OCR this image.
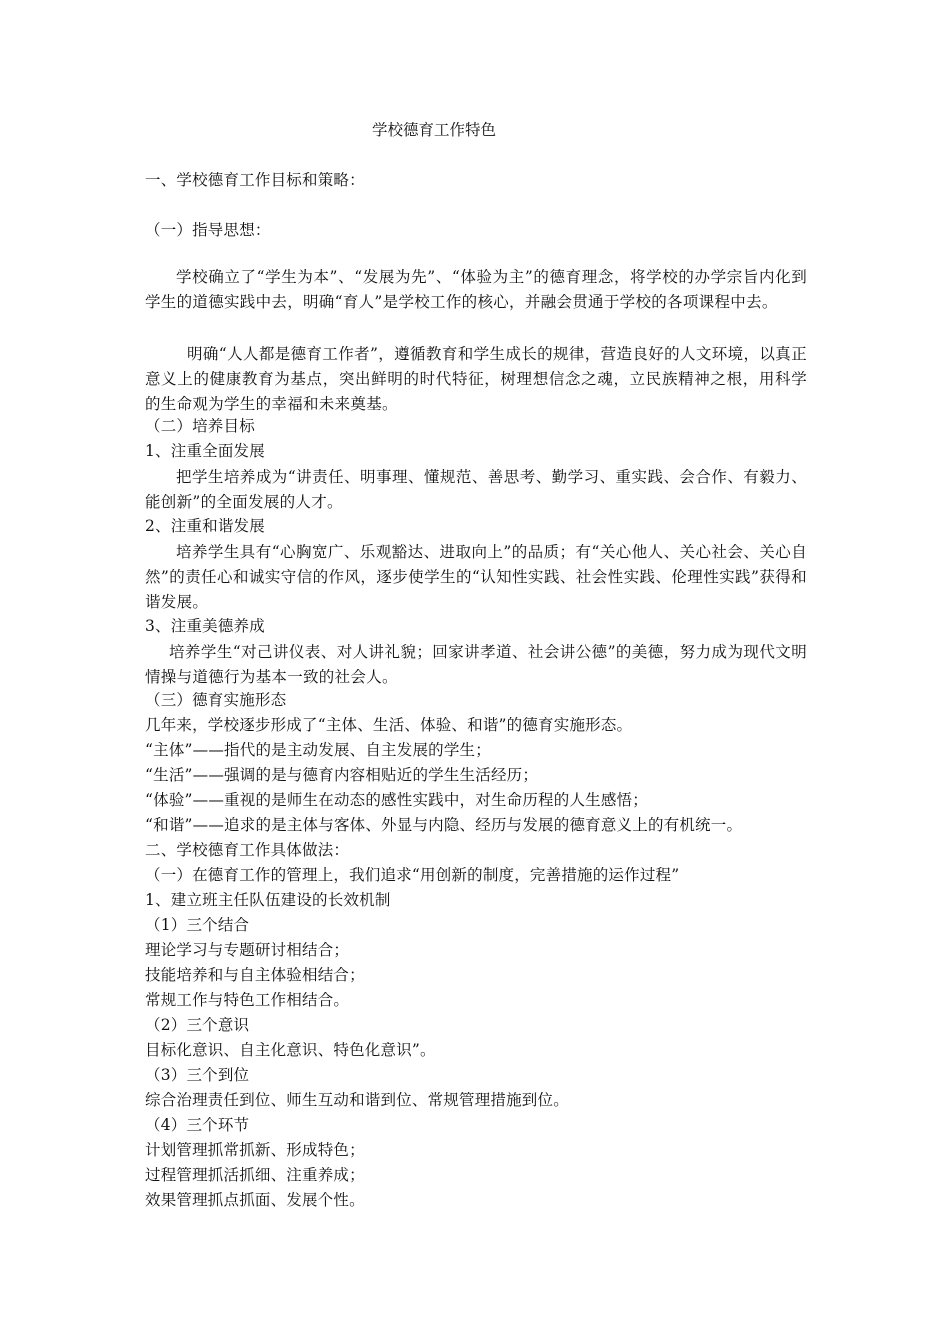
学校德育工作特色
一、学校德育工作目标和策略：
（一）指导思想：
学校确立了“学生为本”、“发展为先”、“体验为主”的德育理念，将学校的办学宗旨内化到学生的道德实践中去，明确“育人”是学校工作的核心，并融会贯通于学校的各项课程中去。
明确“人人都是德育工作者”，遵循教育和学生成长的规律，营造良好的人文环境，以真正意义上的健康教育为基点，突出鲜明的时代特征，树理想信念之魂，立民族精神之根，用科学的生命观为学生的幸福和未来奠基。
（二）培养目标
1、注重全面发展
把学生培养成为“讲责任、明事理、懂规范、善思考、勤学习、重实践、会合作、有毅力、能创新”的全面发展的人才。
2、注重和谐发展
培养学生具有“心胸宽广、乐观豁达、进取向上”的品质；有“关心他人、关心社会、关心自然”的责任心和诚实守信的作风，逐步使学生的“认知性实践、社会性实践、伦理性实践”获得和谐发展。
3、注重美德养成
培养学生“对己讲仪表、对人讲礼貌；回家讲孝道、社会讲公德”的美德，努力成为现代文明情操与道德行为基本一致的社会人。
（三）德育实施形态
几年来，学校逐步形成了“主体、生活、体验、和谐”的德育实施形态。
“主体”——指代的是主动发展、自主发展的学生；
“生活”——强调的是与德育内容相贴近的学生生活经历；
“体验”——重视的是师生在动态的感性实践中，对生命历程的人生感悟；
“和谐”——追求的是主体与客体、外显与内隐、经历与发展的德育意义上的有机统一。
二、学校德育工作具体做法：
（一）在德育工作的管理上，我们追求“用创新的制度，完善措施的运作过程”
1、建立班主任队伍建设的长效机制
（1）三个结合
理论学习与专题研讨相结合；
技能培养和与自主体验相结合；
常规工作与特色工作相结合。
（2）三个意识
目标化意识、自主化意识、特色化意识”。
（3）三个到位
综合治理责任到位、师生互动和谐到位、常规管理措施到位。
（4）三个环节
计划管理抓常抓新、形成特色；
过程管理抓活抓细、注重养成；
效果管理抓点抓面、发展个性。
